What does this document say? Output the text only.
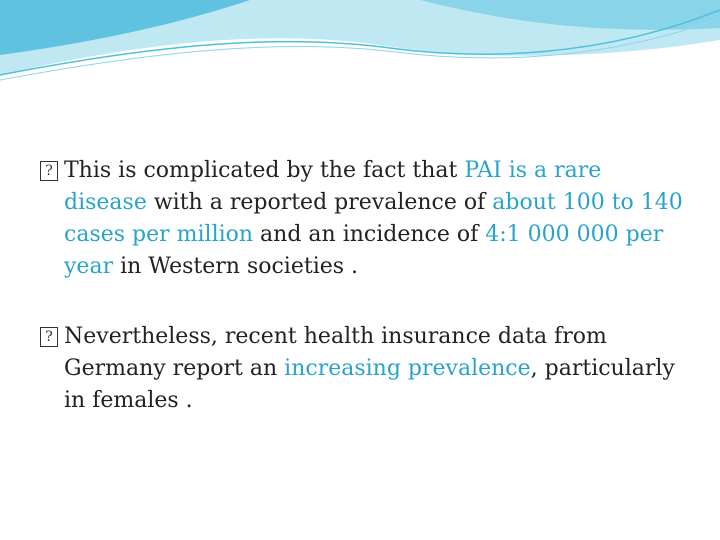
? This is complicated by the fact that PAI is a rare disease with a reported prevalence of about 100 to 140 cases per million and an incidence of 4:1 000 000 per year in Western societies .
? Nevertheless, recent health insurance data from Germany report an increasing prevalence, particularly in females .
